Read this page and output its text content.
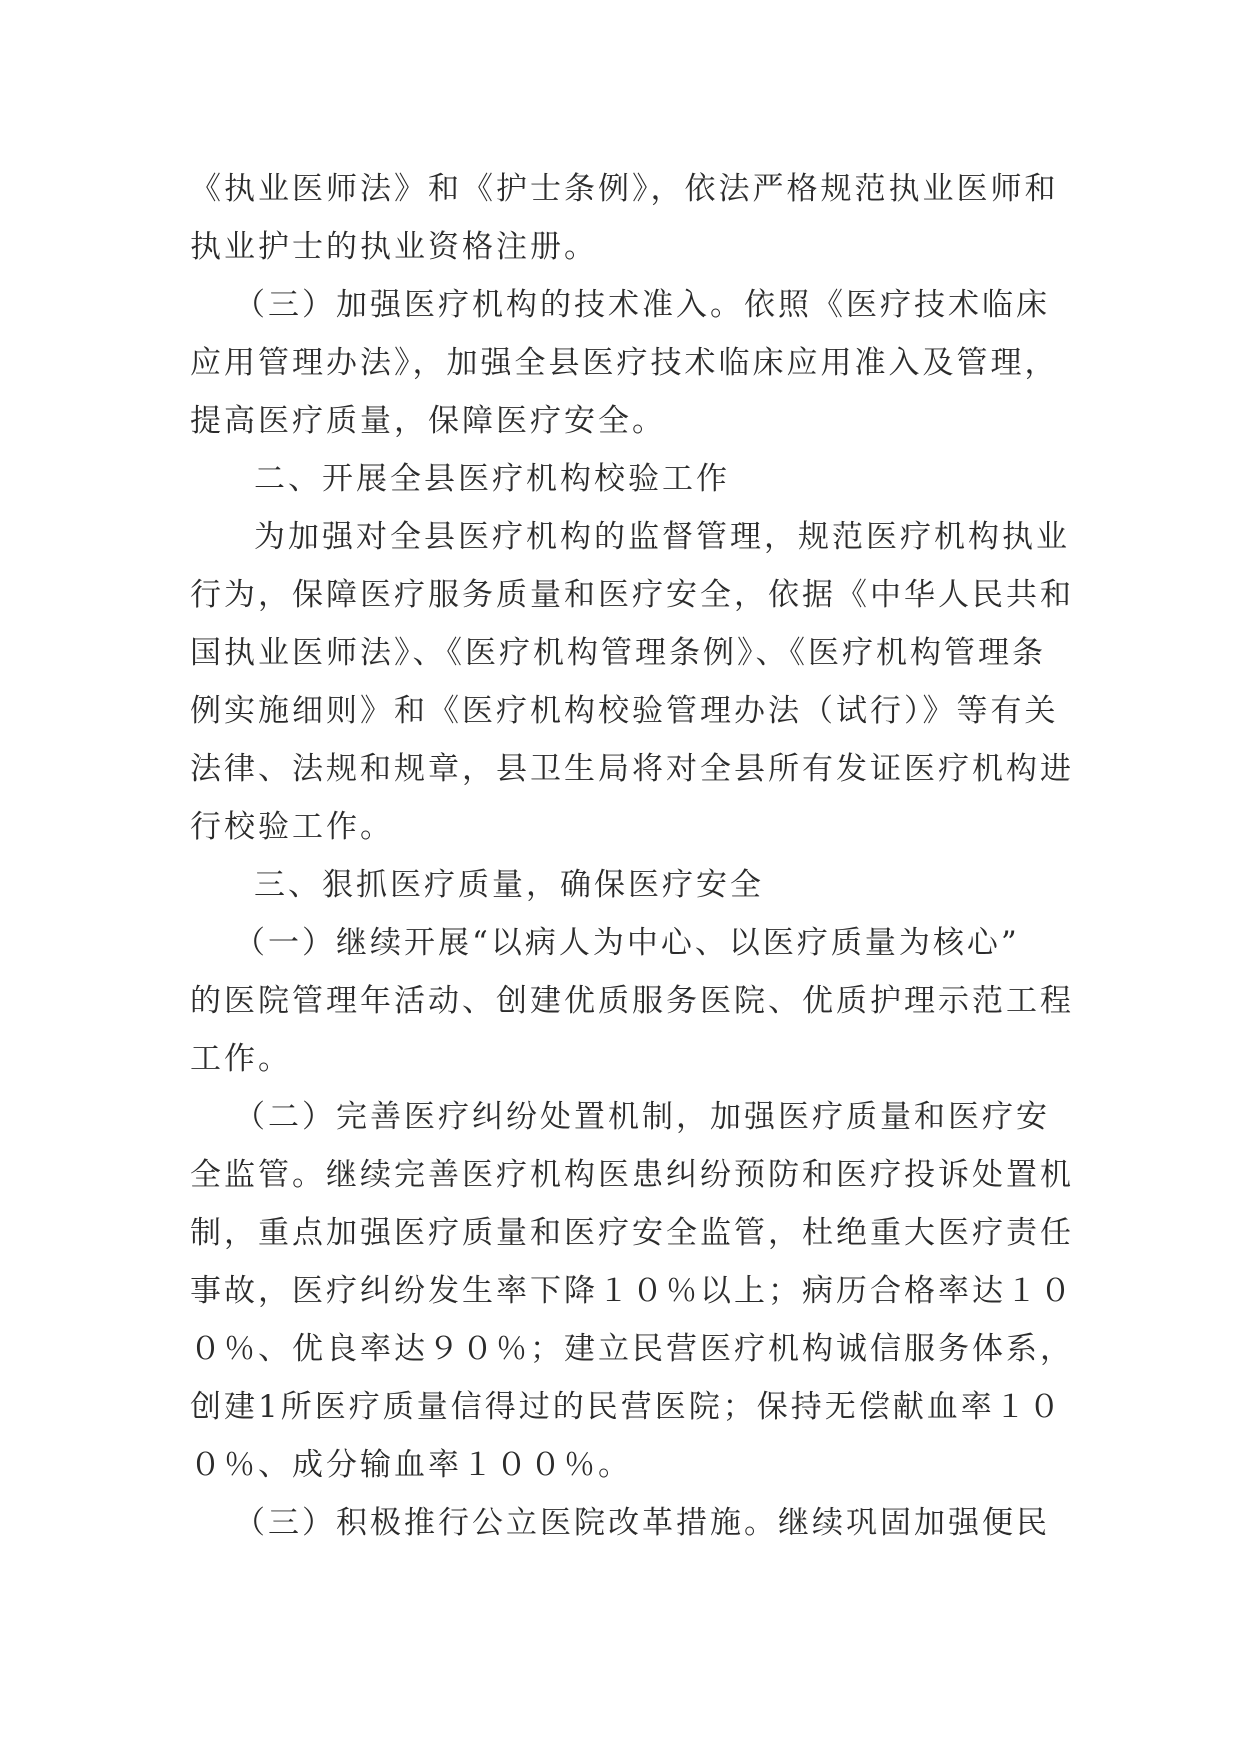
《执业医师法》和《护士条例》，依法严格规范执业医师和
执业护士的执业资格注册。
（三）加强医疗机构的技术准入。依照《医疗技术临床
应用管理办法》，加强全县医疗技术临床应用准入及管理，
提高医疗质量，保障医疗安全。
二、开展全县医疗机构校验工作
为加强对全县医疗机构的监督管理，规范医疗机构执业
行为，保障医疗服务质量和医疗安全，依据《中华人民共和
国执业医师法》、《医疗机构管理条例》、《医疗机构管理条
例实施细则》和《医疗机构校验管理办法（试行）》等有关
法律、法规和规章，县卫生局将对全县所有发证医疗机构进
行校验工作。
三、狠抓医疗质量，确保医疗安全
（一）继续开展“以病人为中心、以医疗质量为核心”
的医院管理年活动、创建优质服务医院、优质护理示范工程
工作。
（二）完善医疗纠纷处置机制，加强医疗质量和医疗安
全监管。继续完善医疗机构医患纠纷预防和医疗投诉处置机
制，重点加强医疗质量和医疗安全监管，杜绝重大医疗责任
事故，医疗纠纷发生率下降１０％以上；病历合格率达１０
０％、优良率达９０％；建立民营医疗机构诚信服务体系，
创建1所医疗质量信得过的民营医院；保持无偿献血率１０
０％、成分输血率１００％。
（三）积极推行公立医院改革措施。继续巩固加强便民
